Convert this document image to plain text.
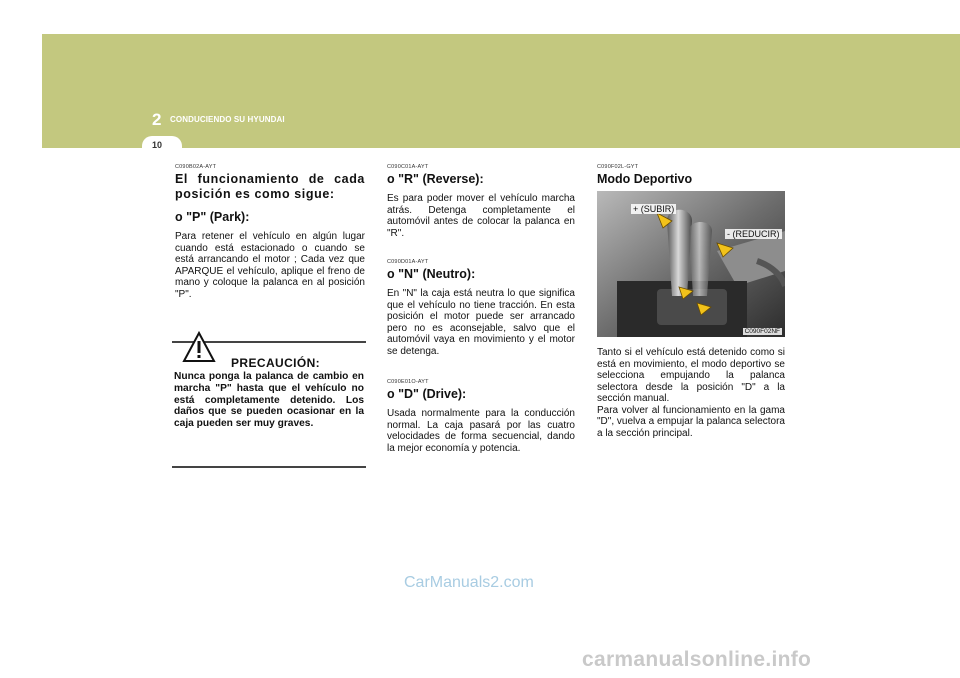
2 CONDUCIENDO SU HYUNDAI
10
C090B02A-AYT
El funcionamiento de cada posición es como sigue:
o "P" (Park):

Para retener el vehículo en algún lugar cuando está estacionado o cuando se está arrancando el motor ; Cada vez que APARQUE el vehículo, aplique el freno de mano y coloque la palanca en al posición "P".

PRECAUCIÓN:
Nunca ponga la palanca de cambio en marcha "P" hasta que el vehículo no está completamente detenido. Los daños que se pueden ocasionar en la caja pueden ser muy graves.
C090C01A-AYT
o "R" (Reverse):

Es para poder mover el vehículo marcha atrás. Detenga completamente el automóvil antes de colocar la palanca en "R".

C090D01A-AYT
o "N" (Neutro):

En "N" la caja está neutra lo que significa que el vehículo no tiene tracción. En esta posición el motor puede ser arrancado pero no es aconsejable, salvo que el automóvil vaya en movimiento y el motor se detenga.

C090E01O-AYT
o "D" (Drive):

Usada normalmente para la conducción normal. La caja pasará por las cuatro velocidades de forma secuencial, dando la mejor economía y potencia.

C090F02L-GYT
Modo Deportivo
+ (SUBIR)
- (REDUCIR)
C090F02NF

Tanto si el vehículo está detenido como si está en movimiento, el modo deportivo se selecciona empujando la palanca selectora desde la posición "D" a la sección manual.
Para volver al funcionamiento en la gama "D", vuelva a empujar la palanca selectora a la sección principal.

CarManuals2.com
carmanualsonline.info
